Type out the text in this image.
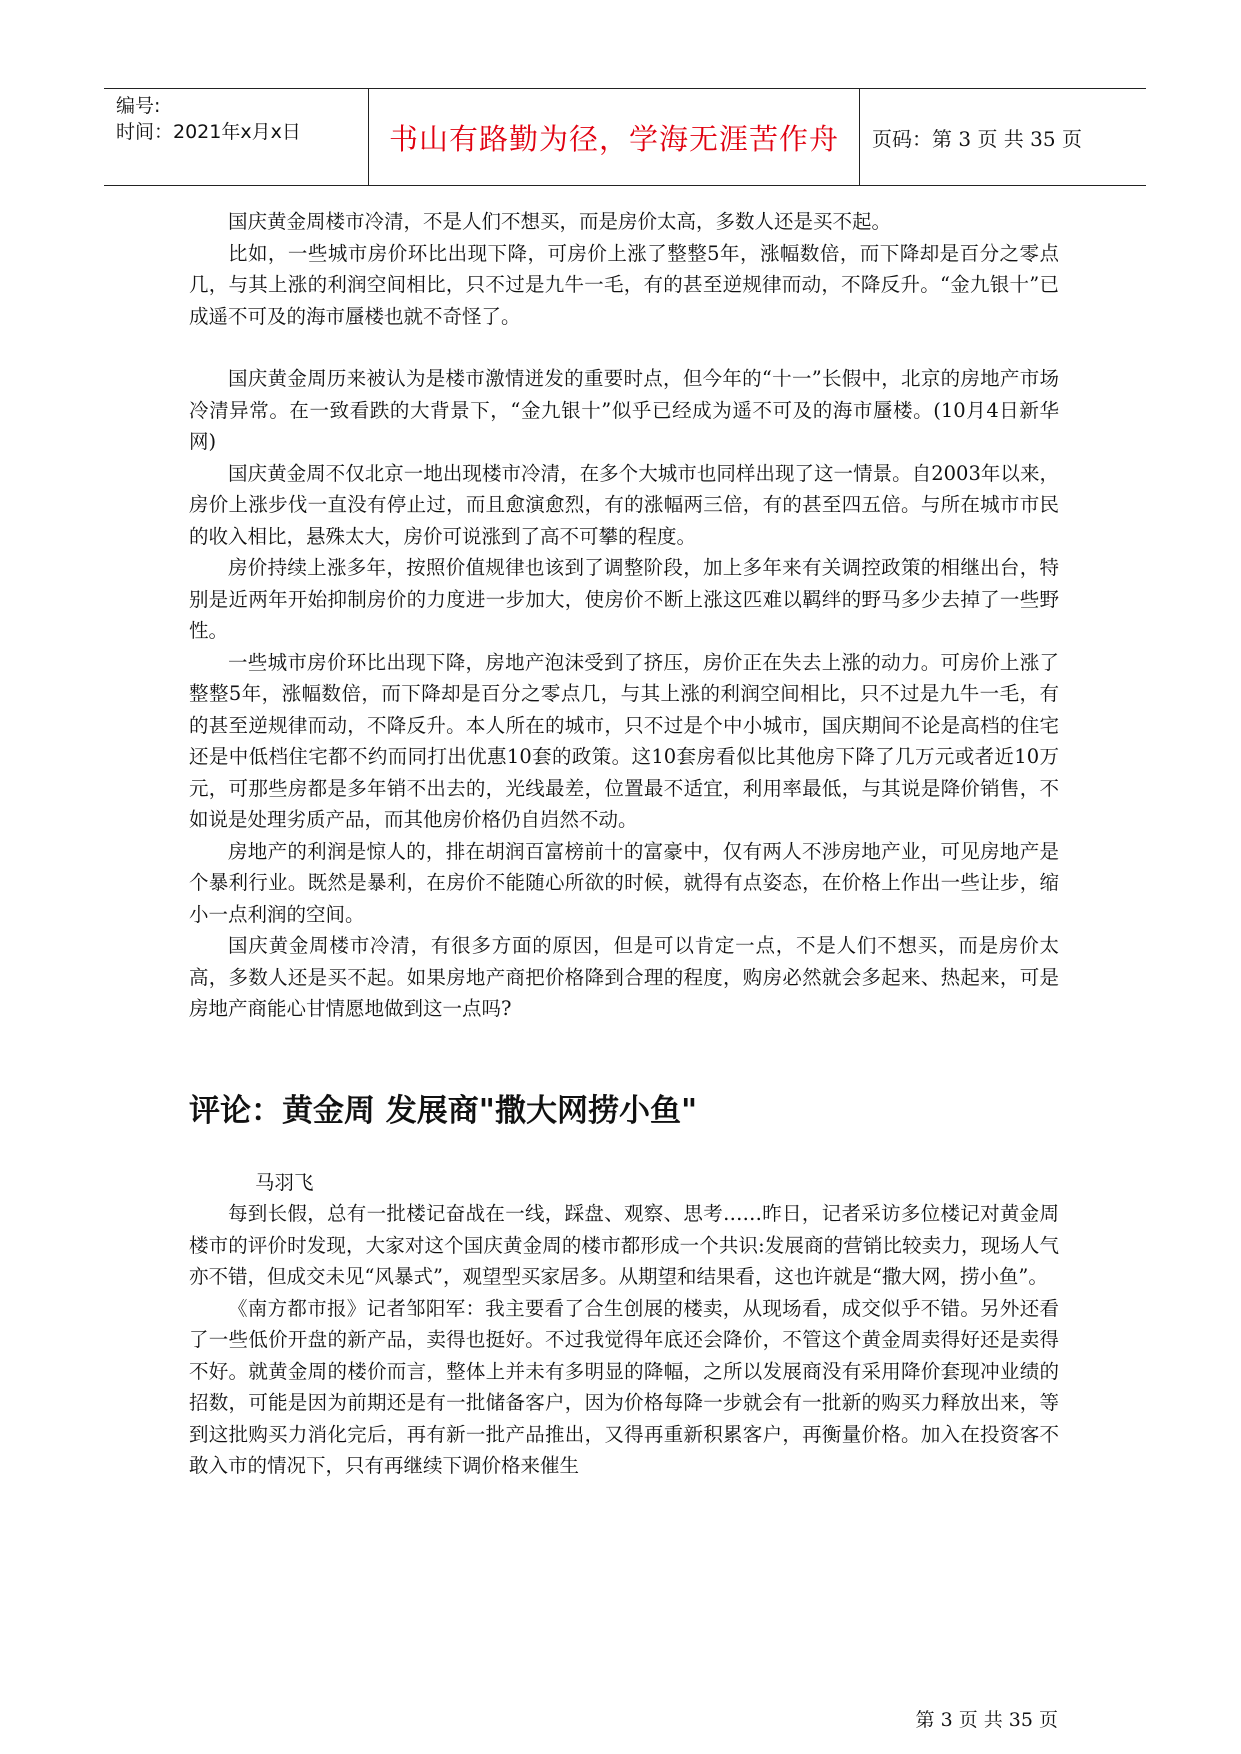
编号:
时间：2021年x月x日	书山有路勤为径，学海无涯苦作舟	页码：第 3 页 共 35 页

国庆黄金周楼市冷清，不是人们不想买，而是房价太高，多数人还是买不起。

比如，一些城市房价环比出现下降，可房价上涨了整整5年，涨幅数倍，而下降却是百分之零点几，与其上涨的利润空间相比，只不过是九牛一毛，有的甚至逆规律而动，不降反升。“金九银十”已成遥不可及的海市蜃楼也就不奇怪了。

国庆黄金周历来被认为是楼市激情迸发的重要时点，但今年的“十一”长假中，北京的房地产市场冷清异常。在一致看跌的大背景下，“金九银十”似乎已经成为遥不可及的海市蜃楼。(10月4日新华网)

国庆黄金周不仅北京一地出现楼市冷清，在多个大城市也同样出现了这一情景。自2003年以来，房价上涨步伐一直没有停止过，而且愈演愈烈，有的涨幅两三倍，有的甚至四五倍。与所在城市市民的收入相比，悬殊太大，房价可说涨到了高不可攀的程度。

房价持续上涨多年，按照价值规律也该到了调整阶段，加上多年来有关调控政策的相继出台，特别是近两年开始抑制房价的力度进一步加大，使房价不断上涨这匹难以羁绊的野马多少去掉了一些野性。

一些城市房价环比出现下降，房地产泡沫受到了挤压，房价正在失去上涨的动力。可房价上涨了整整5年，涨幅数倍，而下降却是百分之零点几，与其上涨的利润空间相比，只不过是九牛一毛，有的甚至逆规律而动，不降反升。本人所在的城市，只不过是个中小城市，国庆期间不论是高档的住宅还是中低档住宅都不约而同打出优惠10套的政策。这10套房看似比其他房下降了几万元或者近10万元，可那些房都是多年销不出去的，光线最差，位置最不适宜，利用率最低，与其说是降价销售，不如说是处理劣质产品，而其他房价格仍自岿然不动。

房地产的利润是惊人的，排在胡润百富榜前十的富豪中，仅有两人不涉房地产业，可见房地产是个暴利行业。既然是暴利，在房价不能随心所欲的时候，就得有点姿态，在价格上作出一些让步，缩小一点利润的空间。

国庆黄金周楼市冷清，有很多方面的原因，但是可以肯定一点，不是人们不想买，而是房价太高，多数人还是买不起。如果房地产商把价格降到合理的程度，购房必然就会多起来、热起来，可是房地产商能心甘情愿地做到这一点吗?

评论：黄金周 发展商"撒大网捞小鱼"

马羽飞

每到长假，总有一批楼记奋战在一线，踩盘、观察、思考……昨日，记者采访多位楼记对黄金周楼市的评价时发现，大家对这个国庆黄金周的楼市都形成一个共识:发展商的营销比较卖力，现场人气亦不错，但成交未见“风暴式”，观望型买家居多。从期望和结果看，这也许就是“撒大网，捞小鱼”。

《南方都市报》记者邹阳军：我主要看了合生创展的楼卖，从现场看，成交似乎不错。另外还看了一些低价开盘的新产品，卖得也挺好。不过我觉得年底还会降价，不管这个黄金周卖得好还是卖得不好。就黄金周的楼价而言，整体上并未有多明显的降幅，之所以发展商没有采用降价套现冲业绩的招数，可能是因为前期还是有一批储备客户，因为价格每降一步就会有一批新的购买力释放出来，等到这批购买力消化完后，再有新一批产品推出，又得再重新积累客户，再衡量价格。加入在投资客不敢入市的情况下，只有再继续下调价格来催生

第 3 页 共 35 页
